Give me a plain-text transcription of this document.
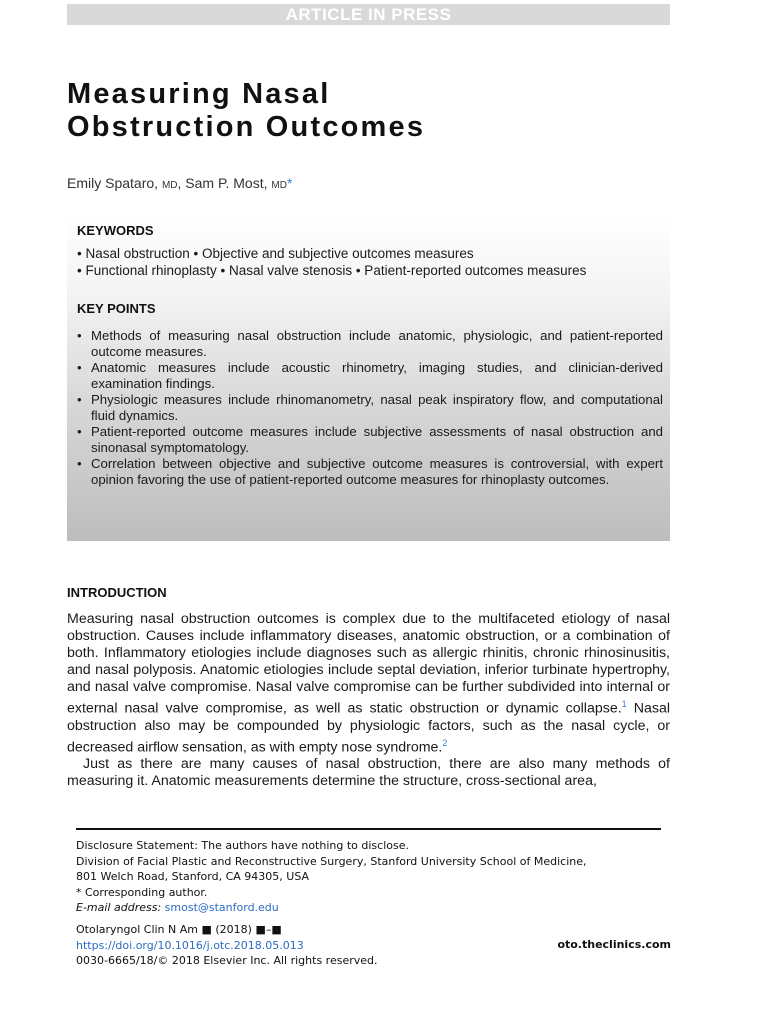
ARTICLE IN PRESS
Measuring Nasal
Obstruction Outcomes
Emily Spataro, MD, Sam P. Most, MD*

KEYWORDS

• Nasal obstruction • Objective and subjective outcomes measures

• Functional rhinoplasty • Nasal valve stenosis • Patient-reported outcomes measures

KEY POINTS

• Methods of measuring nasal obstruction include anatomic, physiologic, and patient-reported outcome measures.
• Anatomic measures include acoustic rhinometry, imaging studies, and clinician-derived examination findings.
• Physiologic measures include rhinomanometry, nasal peak inspiratory flow, and computational fluid dynamics.
• Patient-reported outcome measures include subjective assessments of nasal obstruction and sinonasal symptomatology.
• Correlation between objective and subjective outcome measures is controversial, with expert opinion favoring the use of patient-reported outcome measures for rhinoplasty outcomes.
INTRODUCTION

Measuring nasal obstruction outcomes is complex due to the multifaceted etiology of nasal obstruction. Causes include inflammatory diseases, anatomic obstruction, or a combination of both. Inflammatory etiologies include diagnoses such as allergic rhinitis, chronic rhinosinusitis, and nasal polyposis. Anatomic etiologies include septal deviation, inferior turbinate hypertrophy, and nasal valve compromise. Nasal valve compromise can be further subdivided into internal or external nasal valve compromise, as well as static obstruction or dynamic collapse.$^1$ Nasal obstruction also may be compounded by physiologic factors, such as the nasal cycle, or decreased airflow sensation, as with empty nose syndrome.$^2$

Just as there are many causes of nasal obstruction, there are also many methods of measuring it. Anatomic measurements determine the structure, cross-sectional area,

Disclosure Statement: The authors have nothing to disclose.
Division of Facial Plastic and Reconstructive Surgery, Stanford University School of Medicine,
801 Welch Road, Stanford, CA 94305, USA
* Corresponding author.
E-mail address: smost@stanford.edu
Otolaryngol Clin N Am ■ (2018) ■–■
https://doi.org/10.1016/j.otc.2018.05.013
0030-6665/18/© 2018 Elsevier Inc. All rights reserved.
oto.theclinics.com
